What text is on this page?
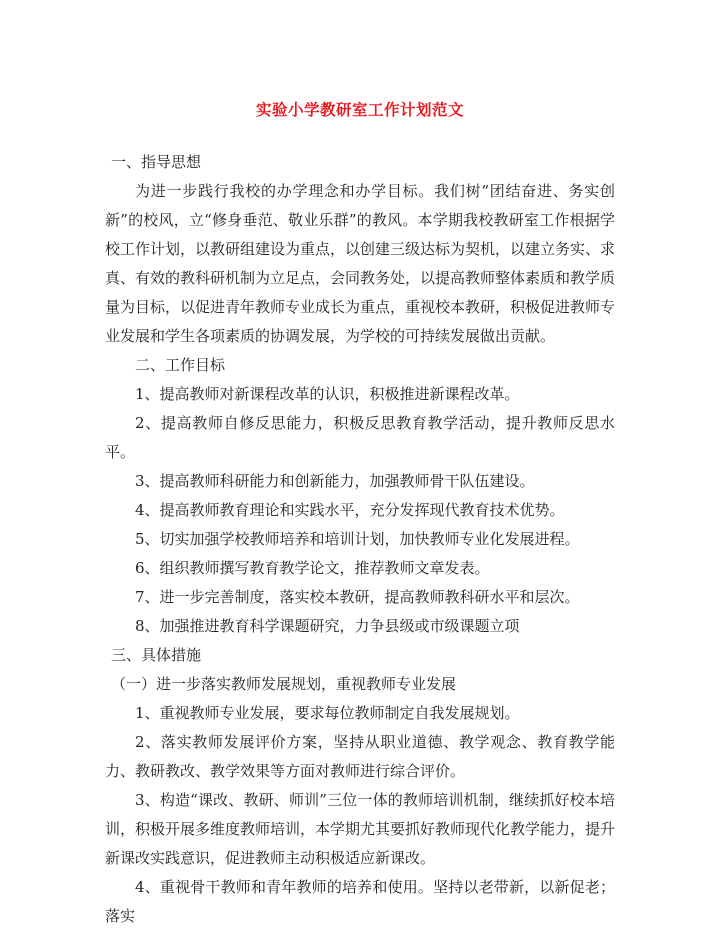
实验小学教研室工作计划范文

一、指导思想

为进一步践行我校的办学理念和办学目标。我们树“团结奋进、务实创新”的校风，立“修身垂范、敬业乐群”的教风。本学期我校教研室工作根据学校工作计划，以教研组建设为重点，以创建三级达标为契机，以建立务实、求真、有效的教科研机制为立足点，会同教务处，以提高教师整体素质和教学质量为目标，以促进青年教师专业成长为重点，重视校本教研，积极促进教师专业发展和学生各项素质的协调发展，为学校的可持续发展做出贡献。

二、工作目标

1、提高教师对新课程改革的认识，积极推进新课程改革。

2、提高教师自修反思能力，积极反思教育教学活动，提升教师反思水平。

3、提高教师科研能力和创新能力，加强教师骨干队伍建设。

4、提高教师教育理论和实践水平，充分发挥现代教育技术优势。

5、切实加强学校教师培养和培训计划，加快教师专业化发展进程。

6、组织教师撰写教育教学论文，推荐教师文章发表。

7、进一步完善制度，落实校本教研，提高教师教科研水平和层次。

8、加强推进教育科学课题研究，力争县级或市级课题立项

三、具体措施

（一）进一步落实教师发展规划，重视教师专业发展

1、重视教师专业发展，要求每位教师制定自我发展规划。

2、落实教师发展评价方案，坚持从职业道德、教学观念、教育教学能力、教研教改、教学效果等方面对教师进行综合评价。

3、构造“课改、教研、师训”三位一体的教师培训机制，继续抓好校本培训，积极开展多维度教师培训，本学期尤其要抓好教师现代化教学能力，提升新课改实践意识，促进教师主动积极适应新课改。

4、重视骨干教师和青年教师的培养和使用。坚持以老带新，以新促老；落实
